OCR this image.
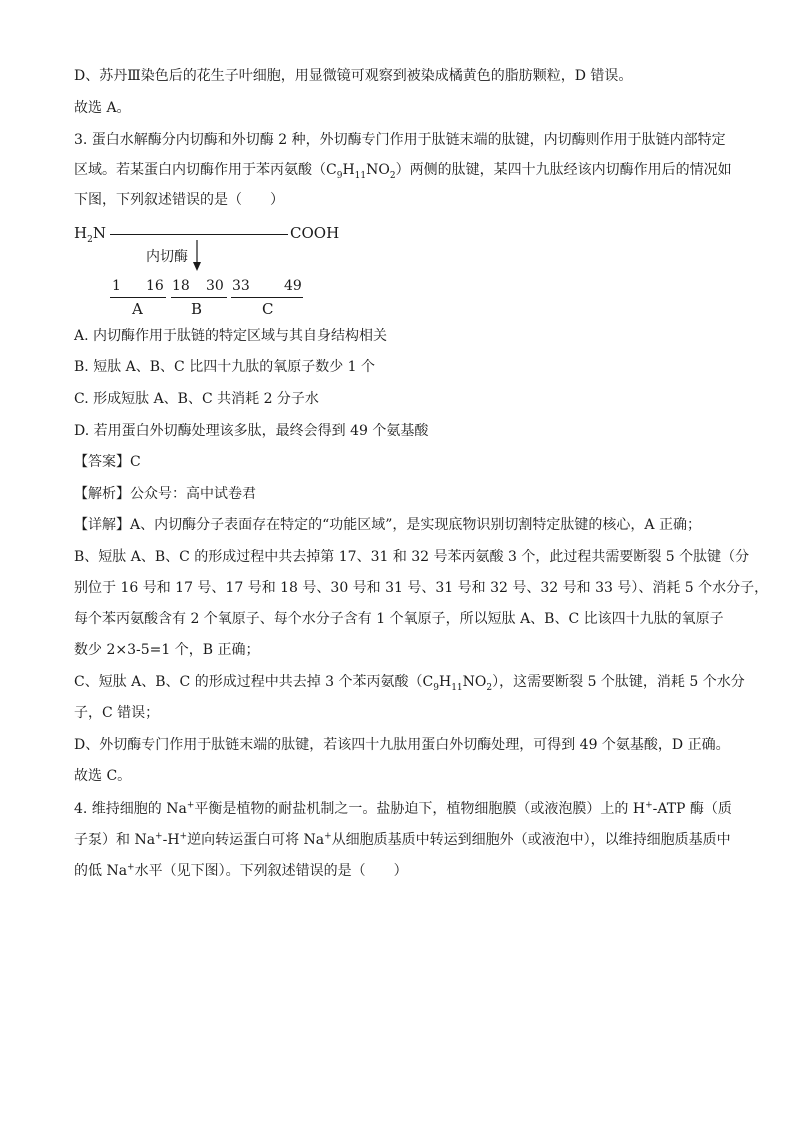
D、苏丹Ⅲ染色后的花生子叶细胞，用显微镜可观察到被染成橘黄色的脂肪颗粒，D 错误。
故选 A。
3. 蛋白水解酶分内切酶和外切酶 2 种，外切酶专门作用于肽链末端的肽键，内切酶则作用于肽链内部特定
区域。若某蛋白内切酶作用于苯丙氨酸$(C_9H_{11}NO_2)$两侧的肽键，某四十九肽经该内切酶作用后的情况如
下图，下列叙述错误的是（　　）
$H_2N$	COOH
内切酶
1 16
A
18 30
B
33 49
C
A. 内切酶作用于肽链的特定区域与其自身结构相关
B. 短肽 A、B、C 比四十九肽的氧原子数少 1 个
C. 形成短肽 A、B、C 共消耗 2 分子水
D. 若用蛋白外切酶处理该多肽，最终会得到 49 个氨基酸
【答案】C
【解析】公众号：高中试卷君
【详解】A、内切酶分子表面存在特定的“功能区域”，是实现底物识别切割特定肽键的核心，A 正确；
B、短肽 A、B、C 的形成过程中共去掉第 17、31 和 32 号苯丙氨酸 3 个，此过程共需要断裂 5 个肽键（分
别位于 16 号和 17 号、17 号和 18 号、30 号和 31 号、31 号和 32 号、32 号和 33 号）、消耗 5 个水分子，
每个苯丙氨酸含有 2 个氧原子、每个水分子含有 1 个氧原子，所以短肽 A、B、C 比该四十九肽的氧原子
数少 2×3-5=1 个，B 正确；
C、短肽 A、B、C 的形成过程中共去掉 3 个苯丙氨酸$(C_9H_{11}NO_2)$，这需要断裂 5 个肽键，消耗 5 个水分
子，C 错误；
D、外切酶专门作用于肽链末端的肽键，若该四十九肽用蛋白外切酶处理，可得到 49 个氨基酸，D 正确。
故选 C。
4. 维持细胞的 Na+平衡是植物的耐盐机制之一。盐胁迫下，植物细胞膜（或液泡膜）上的 H+-ATP 酶（质
子泵）和 Na+-H+逆向转运蛋白可将 Na+从细胞质基质中转运到细胞外（或液泡中），以维持细胞质基质中
的低 Na+水平（见下图）。下列叙述错误的是（　　）
